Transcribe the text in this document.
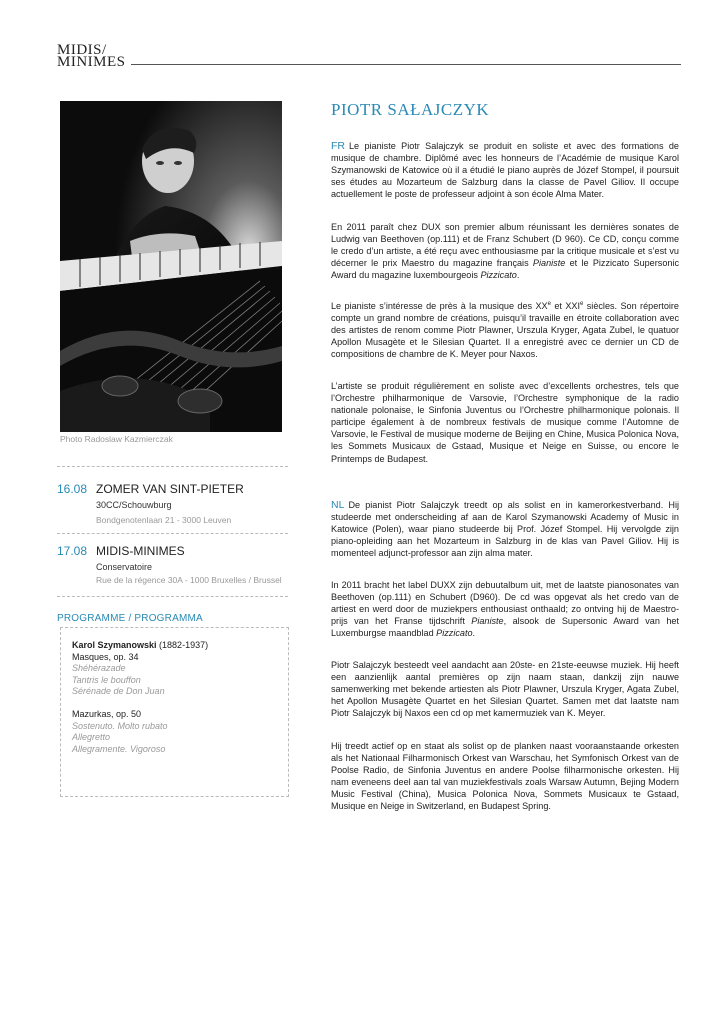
MIDIS/
MINIMES
Photo Radoslaw Kazmierczak
16.08 ZOMER VAN SINT-PIETER
30CC/Schouwburg
Bondgenotenlaan 21 - 3000 Leuven
17.08 MIDIS-MINIMES
Conservatoire
Rue de la régence 30A - 1000 Bruxelles / Brussel
PROGRAMME / PROGRAMMA
Karol Szymanowski (1882-1937)
Masques, op. 34
Shéhérazade
Tantris le bouffon
Sérénade de Don Juan
Mazurkas, op. 50
Sostenuto. Molto rubato
Allegretto
Allegramente. Vigoroso
PIOTR SAŁAJCZYK

FR Le pianiste Piotr Salajczyk se produit en soliste et avec des formations de musique de chambre. Diplômé avec les honneurs de l’Académie de musique Karol Szymanowski de Katowice où il a étudié le piano auprès de Józef Stompel, il poursuit ses études au Mozarteum de Salzburg dans la classe de Pavel Giliov. Il occupe actuellement le poste de professeur adjoint à son école Alma Mater.

En 2011 paraît chez DUX son premier album réunissant les dernières sonates de Ludwig van Beethoven (op.111) et de Franz Schubert (D 960). Ce CD, conçu comme le credo d’un artiste, a été reçu avec enthousiasme par la critique musicale et s’est vu décerner le prix Maestro du magazine français Pianiste et le Pizzicato Supersonic Award du magazine luxembourgeois Pizzicato.

Le pianiste s’intéresse de près à la musique des XXe et XXIe siècles. Son répertoire compte un grand nombre de créations, puisqu’il travaille en étroite collaboration avec des artistes de renom comme Piotr Plawner, Urszula Kryger, Agata Zubel, le quatuor Apollon Musagète et le Silesian Quartet. Il a enregistré avec ce dernier un CD de compositions de chambre de K. Meyer pour Naxos.

L’artiste se produit régulièrement en soliste avec d’excellents orchestres, tels que l’Orchestre philharmonique de Varsovie, l’Orchestre symphonique de la radio nationale polonaise, le Sinfonia Juventus ou l’Orchestre philharmonique polonais. Il participe également à de nombreux festivals de musique comme l’Automne de Varsovie, le Festival de musique moderne de Beijing en Chine, Musica Polonica Nova, les Sommets Musicaux de Gstaad, Musique et Neige en Suisse, ou encore le Printemps de Budapest.

NL De pianist Piotr Salajczyk treedt op als solist en in kamerorkestverband. Hij studeerde met onderscheiding af aan de Karol Szymanowski Academy of Music in Katowice (Polen), waar piano studeerde bij Prof. Józef Stompel. Hij vervolgde zijn piano-opleiding aan het Mozarteum in Salzburg in de klas van Pavel Giliov. Hij is momenteel adjunct-professor aan zijn alma mater.

In 2011 bracht het label DUXX zijn debuutalbum uit, met de laatste pianosonates van Beethoven (op.111) en Schubert (D960). De cd was opgevat als het credo van de artiest en werd door de muziekpers enthousiast onthaald; zo ontving hij de Maestro-prijs van het Franse tijdschrift Pianiste, alsook de Supersonic Award van het Luxemburgse maandblad Pizzicato.

Piotr Salajczyk besteedt veel aandacht aan 20ste- en 21ste-eeuwse muziek. Hij heeft een aanzienlijk aantal premières op zijn naam staan, dankzij zijn nauwe samenwerking met bekende artiesten als Piotr Plawner, Urszula Kryger, Agata Zubel, het Apollon Musagète Quartet en het Silesian Quartet. Samen met dat laatste nam Piotr Salajczyk bij Naxos een cd op met kamermuziek van K. Meyer.

Hij treedt actief op en staat als solist op de planken naast vooraanstaande orkesten als het Nationaal Filharmonisch Orkest van Warschau, het Symfonisch Orkest van de Poolse Radio, de Sinfonia Juventus en andere Poolse filharmonische orkesten. Hij nam eveneens deel aan tal van muziekfestivals zoals Warsaw Autumn, Bejing Modern Music Festival (China), Musica Polonica Nova, Sommets Musicaux te Gstaad, Musique en Neige in Switzerland, en Budapest Spring.
